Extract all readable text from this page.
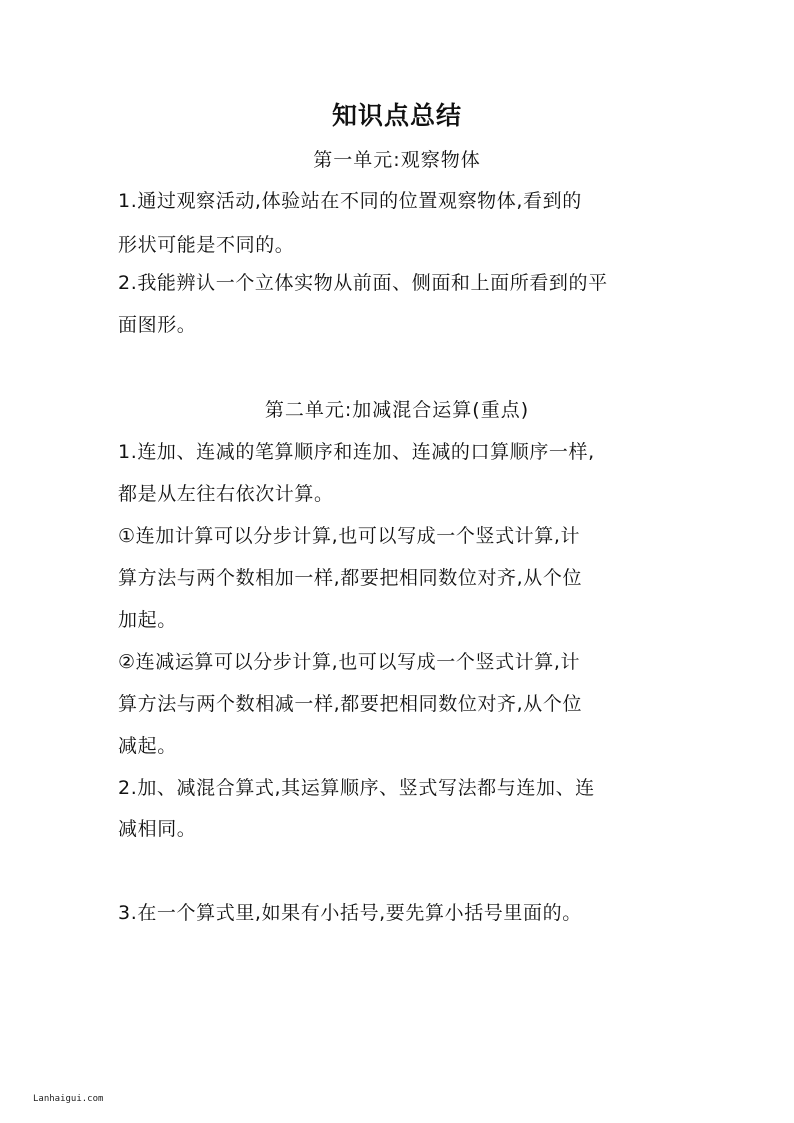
知识点总结
第一单元:观察物体
1.通过观察活动,体验站在不同的位置观察物体,看到的
形状可能是不同的。
2.我能辨认一个立体实物从前面、侧面和上面所看到的平
面图形。
第二单元:加减混合运算(重点)
1.连加、连减的笔算顺序和连加、连减的口算顺序一样,
都是从左往右依次计算。
①连加计算可以分步计算,也可以写成一个竖式计算,计
算方法与两个数相加一样,都要把相同数位对齐,从个位
加起。
②连减运算可以分步计算,也可以写成一个竖式计算,计
算方法与两个数相减一样,都要把相同数位对齐,从个位
减起。
2.加、减混合算式,其运算顺序、竖式写法都与连加、连
减相同。
3.在一个算式里,如果有小括号,要先算小括号里面的。
Lanhaigui.com
